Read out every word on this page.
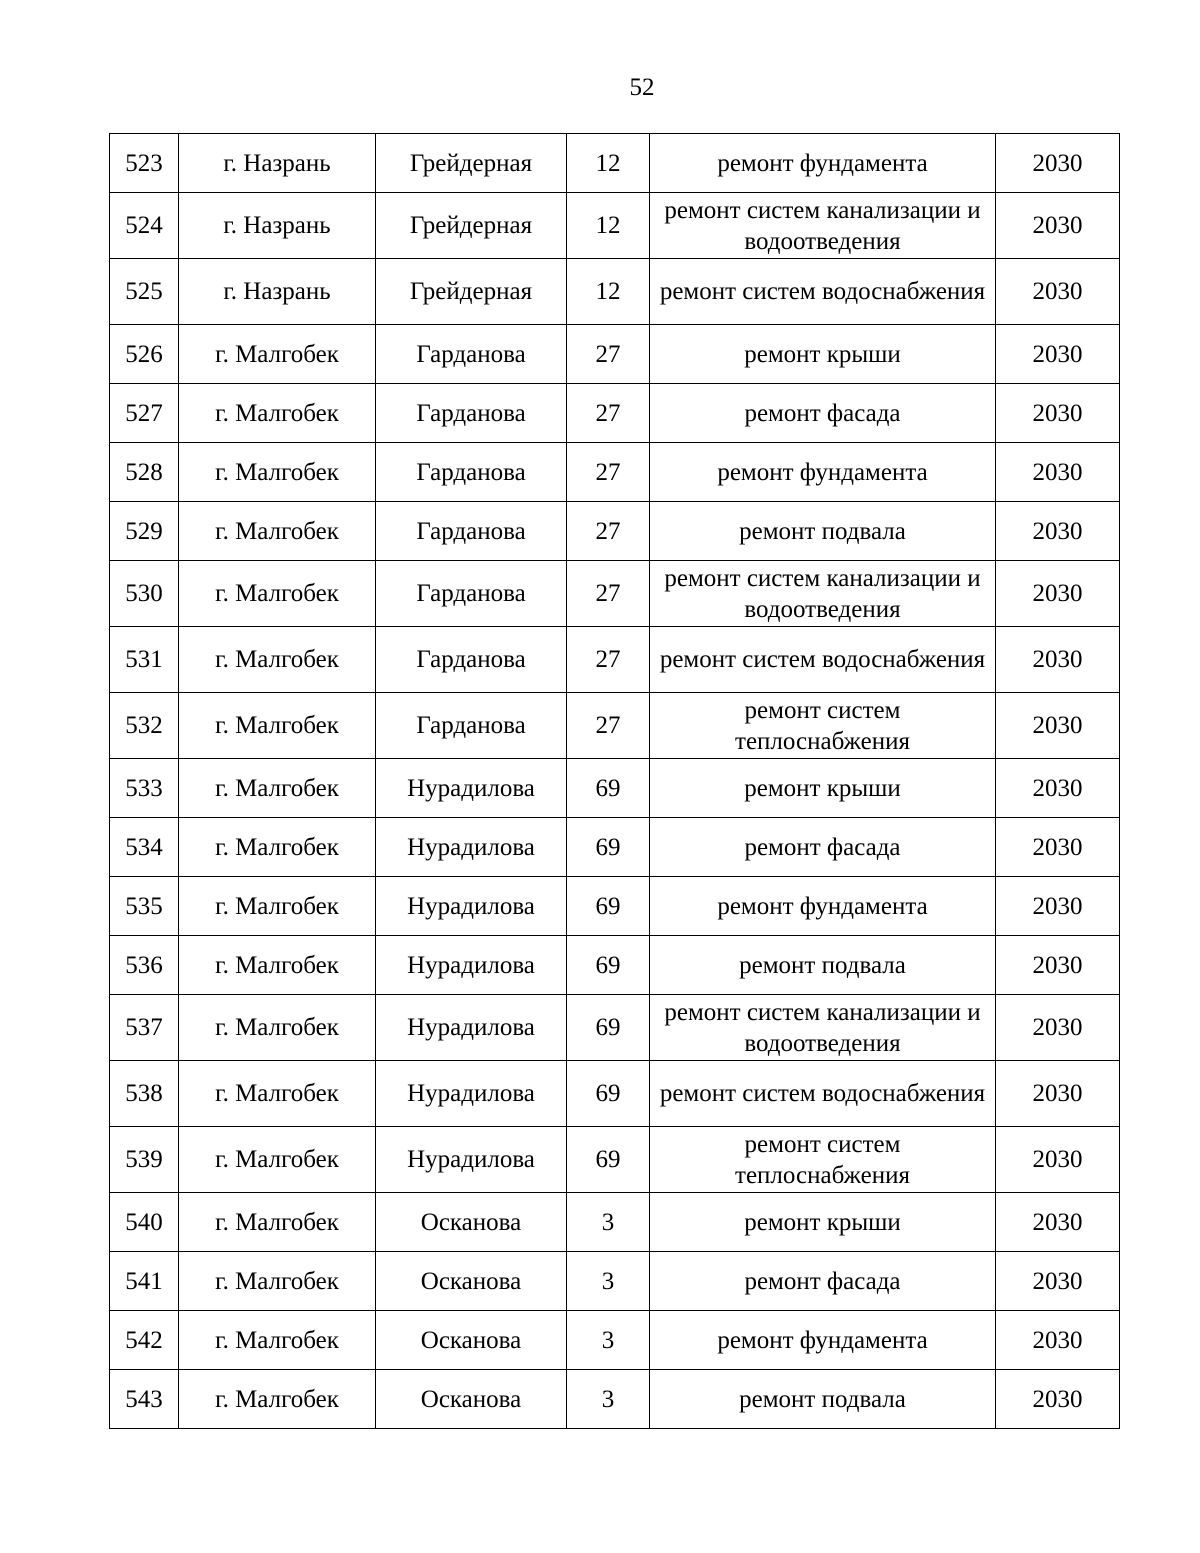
52
523	г. Назрань	Грейдерная	12	ремонт фундамента	2030
524	г. Назрань	Грейдерная	12	ремонт систем канализации и водоотведения	2030
525	г. Назрань	Грейдерная	12	ремонт систем водоснабжения	2030
526	г. Малгобек	Гарданова	27	ремонт крыши	2030
527	г. Малгобек	Гарданова	27	ремонт фасада	2030
528	г. Малгобек	Гарданова	27	ремонт фундамента	2030
529	г. Малгобек	Гарданова	27	ремонт подвала	2030
530	г. Малгобек	Гарданова	27	ремонт систем канализации и водоотведения	2030
531	г. Малгобек	Гарданова	27	ремонт систем водоснабжения	2030
532	г. Малгобек	Гарданова	27	ремонт систем теплоснабжения	2030
533	г. Малгобек	Нурадилова	69	ремонт крыши	2030
534	г. Малгобек	Нурадилова	69	ремонт фасада	2030
535	г. Малгобек	Нурадилова	69	ремонт фундамента	2030
536	г. Малгобек	Нурадилова	69	ремонт подвала	2030
537	г. Малгобек	Нурадилова	69	ремонт систем канализации и водоотведения	2030
538	г. Малгобек	Нурадилова	69	ремонт систем водоснабжения	2030
539	г. Малгобек	Нурадилова	69	ремонт систем теплоснабжения	2030
540	г. Малгобек	Осканова	3	ремонт крыши	2030
541	г. Малгобек	Осканова	3	ремонт фасада	2030
542	г. Малгобек	Осканова	3	ремонт фундамента	2030
543	г. Малгобек	Осканова	3	ремонт подвала	2030
